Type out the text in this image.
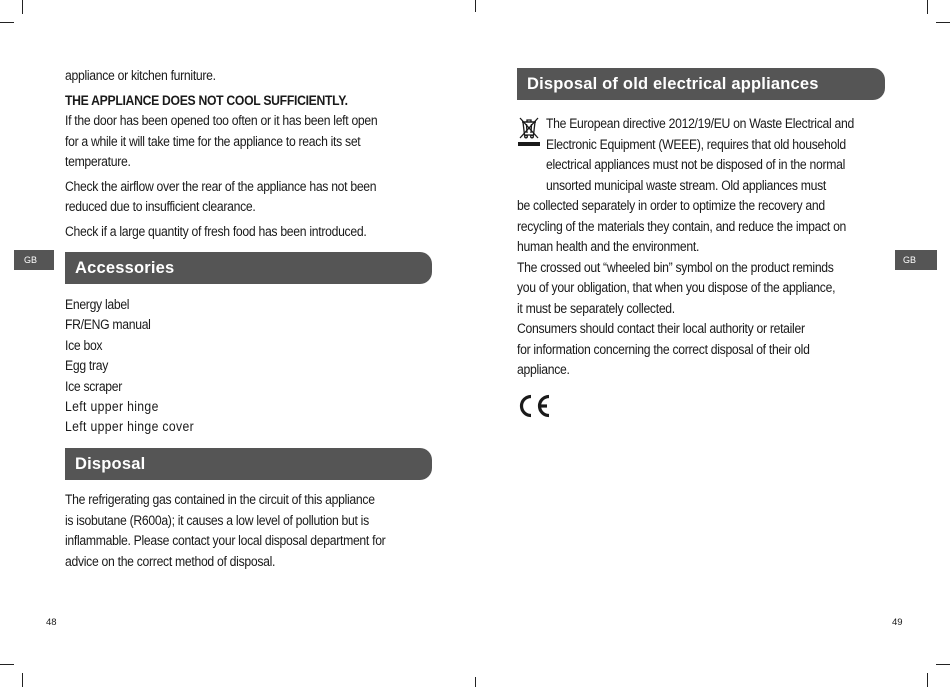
appliance or kitchen furniture.

THE APPLIANCE DOES NOT COOL SUFFICIENTLY.

If the door has been opened too often or it has been left open

for a while it will take time for the appliance to reach its set

temperature.

Check the airflow over the rear of the appliance has not been

reduced due to insufficient clearance.

Check if a large quantity of fresh food has been introduced.

GB	Accessories

Energy label

FR/ENG manual

Ice box

Egg tray

Ice scraper

Left upper hinge

Left upper hinge cover

Disposal

The refrigerating gas contained in the circuit of this appliance

is isobutane (R600a); it causes a low level of pollution but is

inflammable. Please contact your local disposal department for

advice on the correct method of disposal.

48
Disposal of old electrical appliances

The European directive 2012/19/EU on Waste Electrical and

Electronic Equipment (WEEE), requires that old household

electrical appliances must not be disposed of in the normal

unsorted municipal waste stream. Old appliances must

be collected separately in order to optimize the recovery and

recycling of the materials they contain, and reduce the impact on

human health and the environment.

The crossed out “wheeled bin” symbol on the product reminds

you of your obligation, that when you dispose of the appliance,

it must be separately collected.

Consumers should contact their local authority or retailer

for information concerning the correct disposal of their old

appliance.

GB
49
